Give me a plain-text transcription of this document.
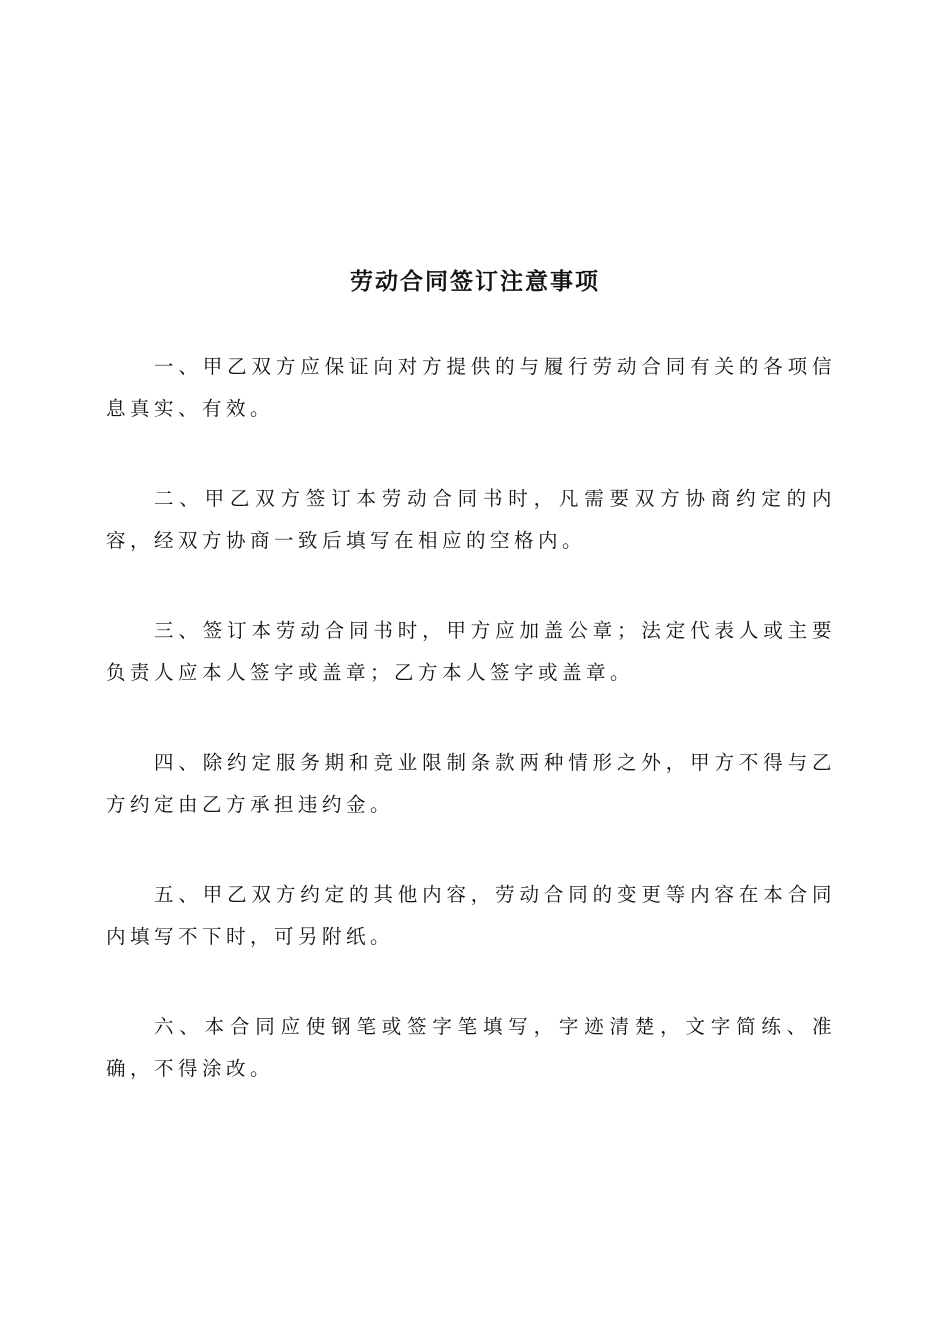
劳动合同签订注意事项

一、甲乙双方应保证向对方提供的与履行劳动合同有关的各项信息真实、有效。

二、甲乙双方签订本劳动合同书时，凡需要双方协商约定的内容，经双方协商一致后填写在相应的空格内。

三、签订本劳动合同书时，甲方应加盖公章；法定代表人或主要负责人应本人签字或盖章；乙方本人签字或盖章。

四、除约定服务期和竞业限制条款两种情形之外，甲方不得与乙方约定由乙方承担违约金。

五、甲乙双方约定的其他内容，劳动合同的变更等内容在本合同内填写不下时，可另附纸。

六、本合同应使钢笔或签字笔填写，字迹清楚，文字简练、准确，不得涂改。
